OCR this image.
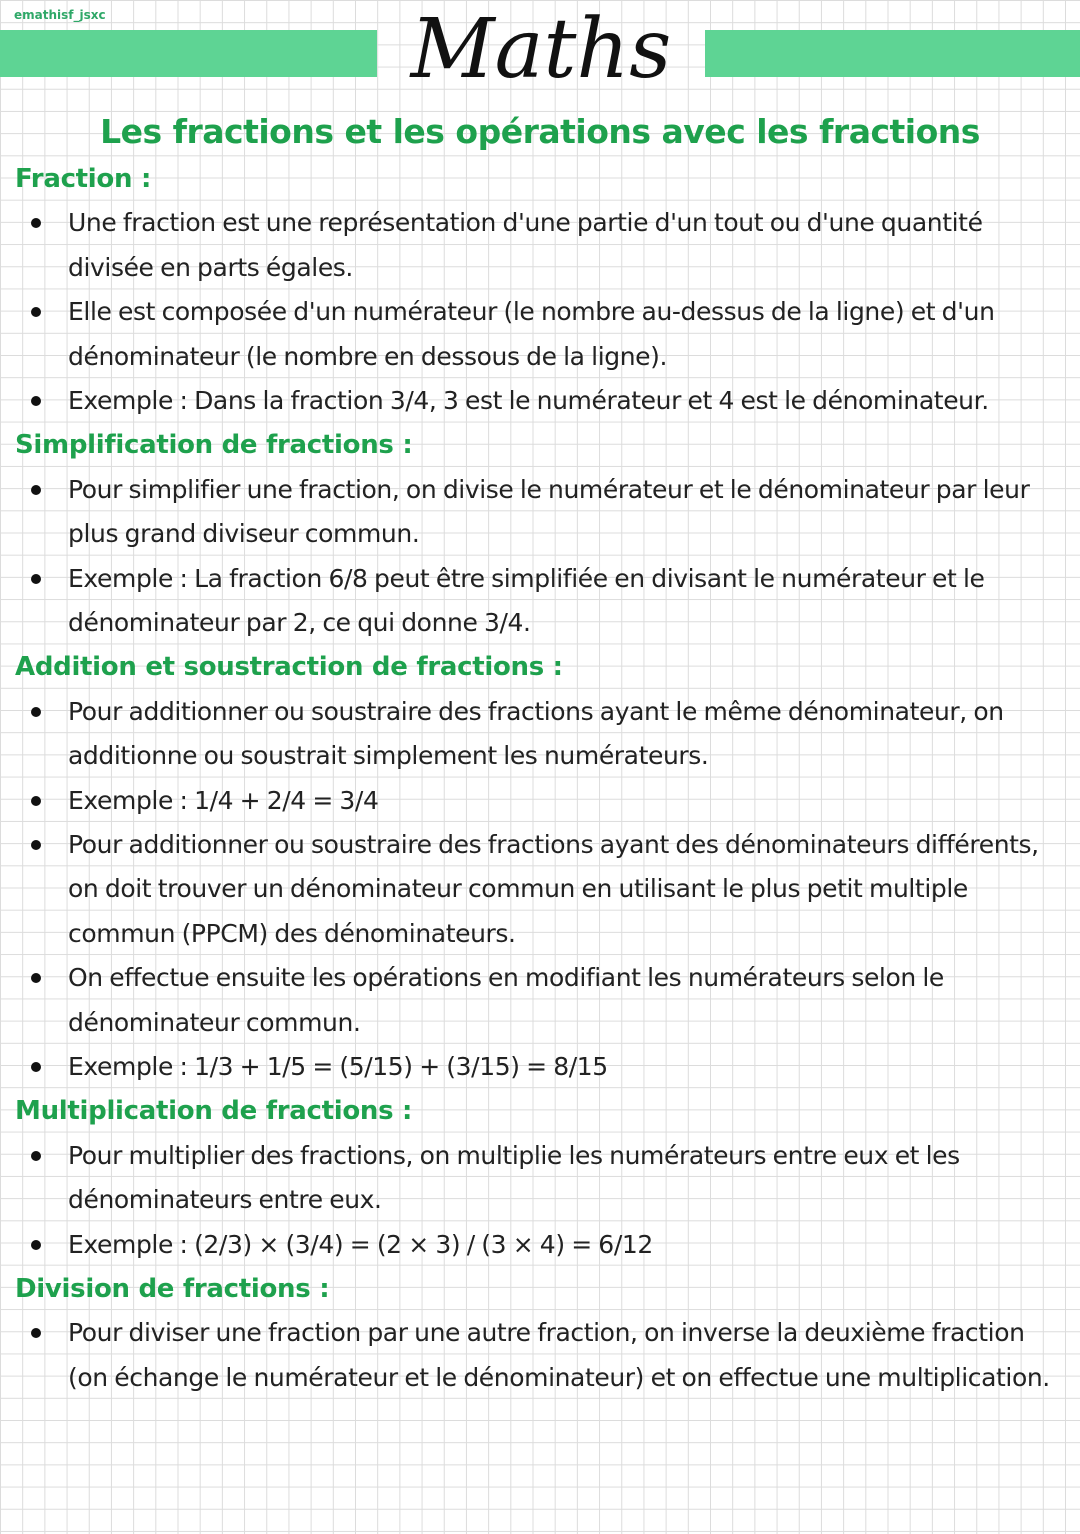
emathisf_jsxc	Maths
Les fractions et les opérations avec les fractions
Fraction :
Une fraction est une représentation d'une partie d'un tout ou d'une quantité divisée en parts égales.
Elle est composée d'un numérateur (le nombre au-dessus de la ligne) et d'un dénominateur (le nombre en dessous de la ligne).
Exemple : Dans la fraction 3/4, 3 est le numérateur et 4 est le dénominateur.
Simplification de fractions :
Pour simplifier une fraction, on divise le numérateur et le dénominateur par leur plus grand diviseur commun.
Exemple : La fraction 6/8 peut être simplifiée en divisant le numérateur et le dénominateur par 2, ce qui donne 3/4.
Addition et soustraction de fractions :
Pour additionner ou soustraire des fractions ayant le même dénominateur, on additionne ou soustrait simplement les numérateurs.
Exemple : 1/4 + 2/4 = 3/4
Pour additionner ou soustraire des fractions ayant des dénominateurs différents, on doit trouver un dénominateur commun en utilisant le plus petit multiple commun (PPCM) des dénominateurs.
On effectue ensuite les opérations en modifiant les numérateurs selon le dénominateur commun.
Exemple : 1/3 + 1/5 = (5/15) + (3/15) = 8/15
Multiplication de fractions :
Pour multiplier des fractions, on multiplie les numérateurs entre eux et les dénominateurs entre eux.
Exemple : (2/3) × (3/4) = (2 × 3) / (3 × 4) = 6/12
Division de fractions :
Pour diviser une fraction par une autre fraction, on inverse la deuxième fraction (on échange le numérateur et le dénominateur) et on effectue une multiplication.
